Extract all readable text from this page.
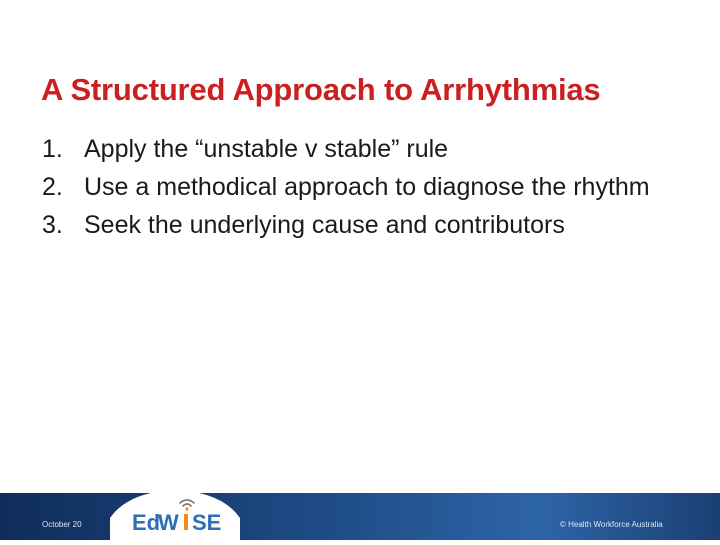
A Structured Approach to Arrhythmias
1. Apply the “unstable v stable” rule
2. Use a methodical approach to diagnose the rhythm
3. Seek the underlying cause and contributors
October 20	© Health Workforce Australia
Ed
W SE
